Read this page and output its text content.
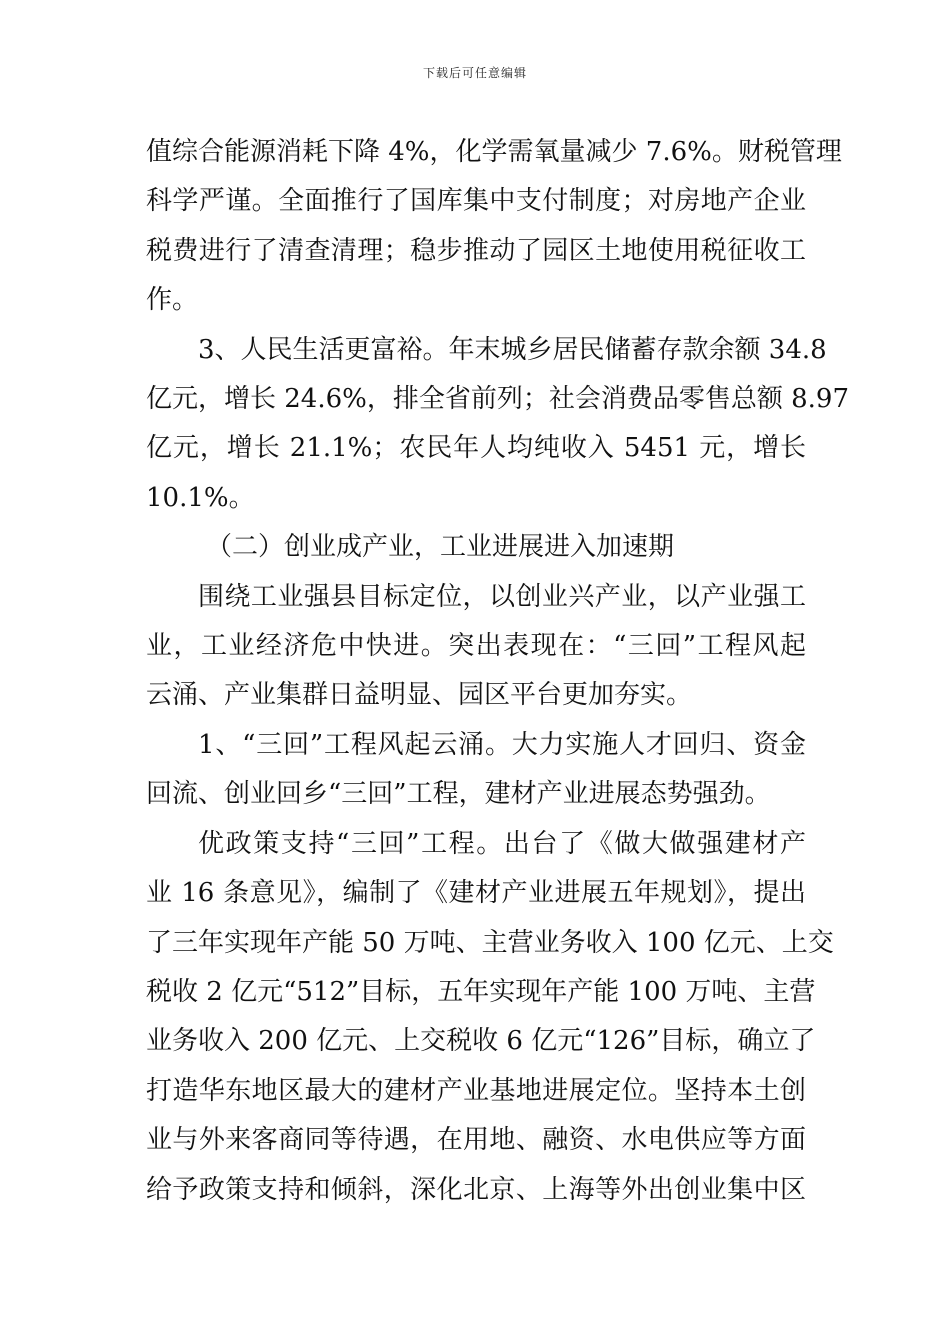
下载后可任意编辑

值综合能源消耗下降 4%，化学需氧量减少 7.6%。财税管理
科学严谨。全面推行了国库集中支付制度；对房地产企业
税费进行了清查清理；稳步推动了园区土地使用税征收工
作。

3、人民生活更富裕。年末城乡居民储蓄存款余额 34.8
亿元，增长 24.6%，排全省前列；社会消费品零售总额 8.97
亿元，增长 21.1%；农民年人均纯收入 5451 元，增长
10.1%。

（二）创业成产业，工业进展进入加速期

围绕工业强县目标定位，以创业兴产业，以产业强工
业，工业经济危中快进。突出表现在：“三回”工程风起
云涌、产业集群日益明显、园区平台更加夯实。

1、“三回”工程风起云涌。大力实施人才回归、资金
回流、创业回乡“三回”工程，建材产业进展态势强劲。

优政策支持“三回”工程。出台了《做大做强建材产
业 16 条意见》，编制了《建材产业进展五年规划》，提出
了三年实现年产能 50 万吨、主营业务收入 100 亿元、上交
税收 2 亿元“512”目标，五年实现年产能 100 万吨、主营
业务收入 200 亿元、上交税收 6 亿元“126”目标，确立了
打造华东地区最大的建材产业基地进展定位。坚持本土创
业与外来客商同等待遇，在用地、融资、水电供应等方面
给予政策支持和倾斜，深化北京、上海等外出创业集中区
